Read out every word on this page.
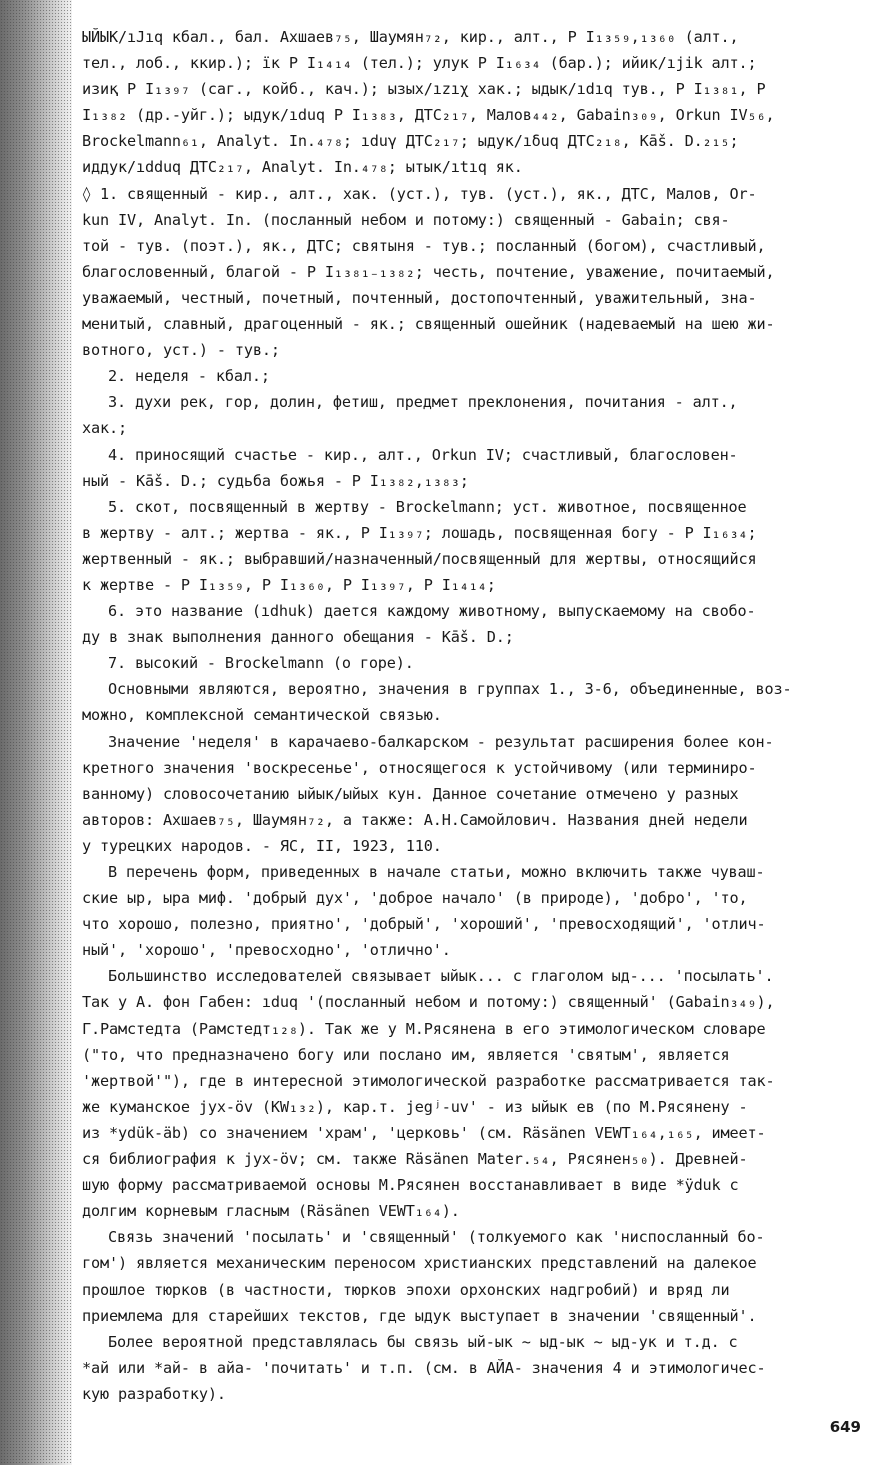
ЫЙЫК/ıJıq кбал., бал. Ахшаев₇₅, Шаумян₇₂, кир., алт., Р I₁₃₅₉,₁₃₆₀ (алт.,
тел., лоб., ккир.); їк Р I₁₄₁₄ (тел.); улук Р I₁₆₃₄ (бар.); ийик/ıjik алт.;
изиқ Р I₁₃₉₇ (саг., койб., кач.); ызых/ızıχ хак.; ыдык/ıdıq тув., Р I₁₃₈₁, Р
I₁₃₈₂ (др.-уйг.); ыдук/ıduq Р I₁₃₈₃, ДТС₂₁₇, Малов₄₄₂, Gabain₃₀₉, Orkun IV₅₆,
Brockelmann₆₁, Analyt. In.₄₇₈; ıduγ ДТС₂₁₇; ыдук/ıδuq ДТС₂₁₈, Kāš. D.₂₁₅;
иддук/ıdduq ДТС₂₁₇, Analyt. In.₄₇₈; ытык/ıtıq як.
◊ 1. священный - кир., алт., хак. (уст.), тув. (уст.), як., ДТС, Малов, Or-
kun IV, Analyt. In. (посланный небом и потому:) священный - Gabain; свя-
той - тув. (поэт.), як., ДТС; святыня - тув.; посланный (богом), счастливый,
благословенный, благой - Р I₁₃₈₁₋₁₃₈₂; честь, почтение, уважение, почитаемый,
уважаемый, честный, почетный, почтенный, достопочтенный, уважительный, зна-
менитый, славный, драгоценный - як.; священный ошейник (надеваемый на шею жи-
вотного, уст.) - тув.;
2. неделя - кбал.;
3. духи рек, гор, долин, фетиш, предмет преклонения, почитания - алт.,
хак.;
4. приносящий счастье - кир., алт., Orkun IV; счастливый, благословен-
ный - Kāš. D.; судьба божья - Р I₁₃₈₂,₁₃₈₃;
5. скот, посвященный в жертву - Brockelmann; уст. животное, посвященное
в жертву - алт.; жертва - як., Р I₁₃₉₇; лошадь, посвященная богу - Р I₁₆₃₄;
жертвенный - як.; выбравший/назначенный/посвященный для жертвы, относящийся
к жертве - Р I₁₃₅₉, Р I₁₃₆₀, Р I₁₃₉₇, Р I₁₄₁₄;
6. это название (ıdhuk) дается каждому животному, выпускаемому на свобо-
ду в знак выполнения данного обещания - Kāš. D.;
7. высокий - Brockelmann (о горе).
Основными являются, вероятно, значения в группах 1., 3-6, объединенные, воз-
можно, комплексной семантической связью.
Значение 'неделя' в карачаево-балкарском - результат расширения более кон-
кретного значения 'воскресенье', относящегося к устойчивому (или терминиро-
ванному) словосочетанию ыйык/ыйых кун. Данное сочетание отмечено у разных
авторов: Ахшаев₇₅, Шаумян₇₂, а также: А.Н.Самойлович. Названия дней недели
у турецких народов. - ЯС, II, 1923, 110.
В перечень форм, приведенных в начале статьи, можно включить также чуваш-
ские ыр, ыра миф. 'добрый дух', 'доброе начало' (в природе), 'добро', 'то,
что хорошо, полезно, приятно', 'добрый', 'хороший', 'превосходящий', 'отлич-
ный', 'хорошо', 'превосходно', 'отлично'.
Большинство исследователей связывает ыйык... с глаголом ыд-... 'посылать'.
Так у А. фон Габен: ıduq '(посланный небом и потому:) священный' (Gabain₃₄₉),
Г.Рамстедта (Рамстедт₁₂₈). Так же у М.Рясянена в его этимологическом словаре
("то, что предназначено богу или послано им, является 'святым', является
'жертвой'"), где в интересной этимологической разработке рассматривается так-
же куманское jух-öv (KW₁₃₂), кар.т. jegʲ-uv' - из ыйык ев (по М.Рясянену -
из *ydük-äb) со значением 'храм', 'церковь' (см. Räsänen VEWT₁₆₄,₁₆₅, имеет-
ся библиография к jух-öv; см. также Räsänen Mater.₅₄, Рясянен₅₀). Древней-
шую форму рассматриваемой основы М.Рясянен восстанавливает в виде *ÿduk с
долгим корневым гласным (Räsänen VEWT₁₆₄).
Связь значений 'посылать' и 'священный' (толкуемого как 'ниспосланный бо-
гом') является механическим переносом христианских представлений на далекое
прошлое тюрков (в частности, тюрков эпохи орхонских надгробий) и вряд ли
приемлема для старейших текстов, где ыдук выступает в значении 'священный'.
Более вероятной представлялась бы связь ый-ык ~ ыд-ык ~ ыд-ук и т.д. с
*ай или *ай- в айа- 'почитать' и т.п. (см. в АЙА- значения 4 и этимологичес-
кую разработку).
649
